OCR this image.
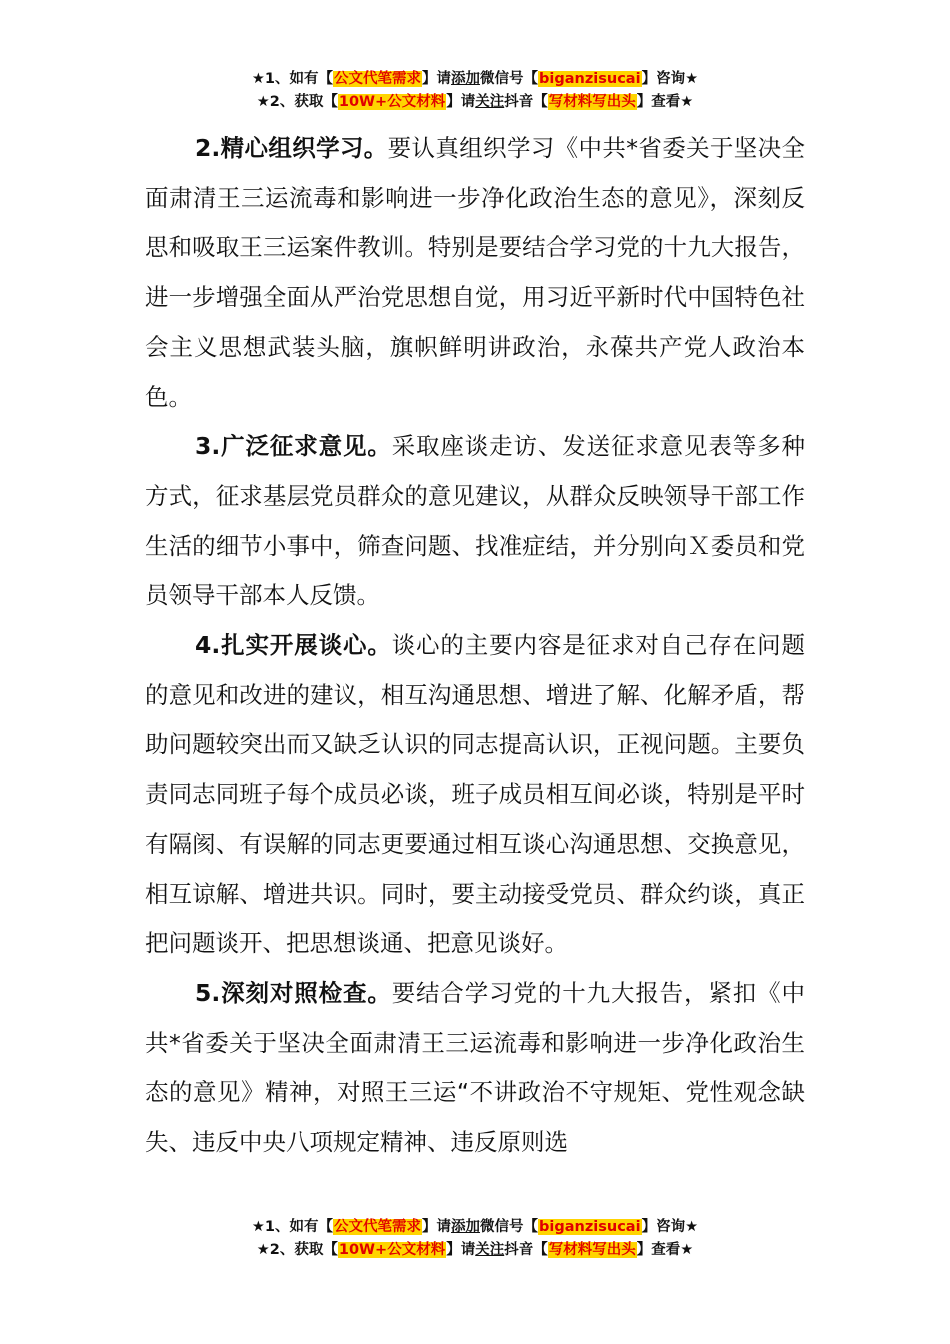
★1、如有【公文代笔需求】请添加微信号【biganzisucai】咨询★
★2、获取【10W+公文材料】请关注抖音【写材料写出头】查看★

2.精心组织学习。要认真组织学习《中共*省委关于坚决全面肃清王三运流毒和影响进一步净化政治生态的意见》，深刻反思和吸取王三运案件教训。特别是要结合学习党的十九大报告，进一步增强全面从严治党思想自觉，用习近平新时代中国特色社会主义思想武装头脑，旗帜鲜明讲政治，永葆共产党人政治本色。

3.广泛征求意见。采取座谈走访、发送征求意见表等多种方式，征求基层党员群众的意见建议，从群众反映领导干部工作生活的细节小事中，筛查问题、找准症结，并分别向Ｘ委员和党员领导干部本人反馈。

4.扎实开展谈心。谈心的主要内容是征求对自己存在问题的意见和改进的建议，相互沟通思想、增进了解、化解矛盾，帮助问题较突出而又缺乏认识的同志提高认识，正视问题。主要负责同志同班子每个成员必谈，班子成员相互间必谈，特别是平时有隔阂、有误解的同志更要通过相互谈心沟通思想、交换意见，相互谅解、增进共识。同时，要主动接受党员、群众约谈，真正把问题谈开、把思想谈通、把意见谈好。

5.深刻对照检查。要结合学习党的十九大报告，紧扣《中共*省委关于坚决全面肃清王三运流毒和影响进一步净化政治生态的意见》精神，对照王三运“不讲政治不守规矩、党性观念缺失、违反中央八项规定精神、违反原则选

★1、如有【公文代笔需求】请添加微信号【biganzisucai】咨询★
★2、获取【10W+公文材料】请关注抖音【写材料写出头】查看★
